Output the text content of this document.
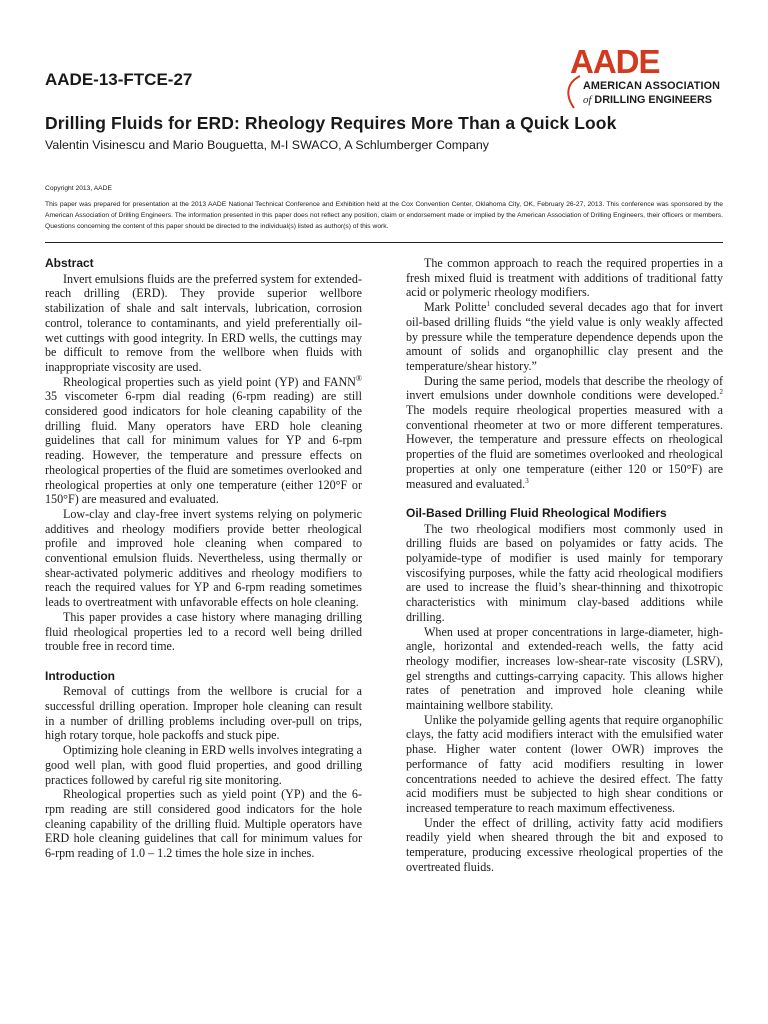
AADE-13-FTCE-27
Drilling Fluids for ERD: Rheology Requires More Than a Quick Look
Valentin Visinescu and Mario Bouguetta, M-I SWACO, A Schlumberger Company
Copyright 2013, AADE
This paper was prepared for presentation at the 2013 AADE National Technical Conference and Exhibition held at the Cox Convention Center, Oklahoma City, OK, February 26-27, 2013. This conference was sponsored by the American Association of Drilling Engineers. The information presented in this paper does not reflect any position, claim or endorsement made or implied by the American Association of Drilling Engineers, their officers or members. Questions concerning the content of this paper should be directed to the individual(s) listed as author(s) of this work.
AADE
AMERICAN ASSOCIATION
of DRILLING ENGINEERS
Abstract

Invert emulsions fluids are the preferred system for extended-reach drilling (ERD). They provide superior wellbore stabilization of shale and salt intervals, lubrication, corrosion control, tolerance to contaminants, and yield preferentially oil-wet cuttings with good integrity. In ERD wells, the cuttings may be difficult to remove from the wellbore when fluids with inappropriate viscosity are used.

Rheological properties such as yield point (YP) and FANN® 35 viscometer 6-rpm dial reading (6-rpm reading) are still considered good indicators for hole cleaning capability of the drilling fluid. Many operators have ERD hole cleaning guidelines that call for minimum values for YP and 6-rpm reading. However, the temperature and pressure effects on rheological properties of the fluid are sometimes overlooked and rheological properties at only one temperature (either 120°F or 150°F) are measured and evaluated.

Low-clay and clay-free invert systems relying on polymeric additives and rheology modifiers provide better rheological profile and improved hole cleaning when compared to conventional emulsion fluids. Nevertheless, using thermally or shear-activated polymeric additives and rheology modifiers to reach the required values for YP and 6-rpm reading sometimes leads to overtreatment with unfavorable effects on hole cleaning.

This paper provides a case history where managing drilling fluid rheological properties led to a record well being drilled trouble free in record time.

Introduction

Removal of cuttings from the wellbore is crucial for a successful drilling operation. Improper hole cleaning can result in a number of drilling problems including over-pull on trips, high rotary torque, hole packoffs and stuck pipe.

Optimizing hole cleaning in ERD wells involves integrating a good well plan, with good fluid properties, and good drilling practices followed by careful rig site monitoring.

Rheological properties such as yield point (YP) and the 6-rpm reading are still considered good indicators for the hole cleaning capability of the drilling fluid. Multiple operators have ERD hole cleaning guidelines that call for minimum values for 6-rpm reading of 1.0 – 1.2 times the hole size in inches.

The common approach to reach the required properties in a fresh mixed fluid is treatment with additions of traditional fatty acid or polymeric rheology modifiers.

Mark Politte$^1$ concluded several decades ago that for invert oil-based drilling fluids “the yield value is only weakly affected by pressure while the temperature dependence depends upon the amount of solids and organophillic clay present and the temperature/shear history.”

During the same period, models that describe the rheology of invert emulsions under downhole conditions were developed.$^2$ The models require rheological properties measured with a conventional rheometer at two or more different temperatures. However, the temperature and pressure effects on rheological properties of the fluid are sometimes overlooked and rheological properties at only one temperature (either 120 or 150°F) are measured and evaluated.$^3$

Oil-Based Drilling Fluid Rheological Modifiers

The two rheological modifiers most commonly used in drilling fluids are based on polyamides or fatty acids. The polyamide-type of modifier is used mainly for temporary viscosifying purposes, while the fatty acid rheological modifiers are used to increase the fluid’s shear-thinning and thixotropic characteristics with minimum clay-based additions while drilling.

When used at proper concentrations in large-diameter, high-angle, horizontal and extended-reach wells, the fatty acid rheology modifier, increases low-shear-rate viscosity (LSRV), gel strengths and cuttings-carrying capacity. This allows higher rates of penetration and improved hole cleaning while maintaining wellbore stability.

Unlike the polyamide gelling agents that require organophilic clays, the fatty acid modifiers interact with the emulsified water phase. Higher water content (lower OWR) improves the performance of fatty acid modifiers resulting in lower concentrations needed to achieve the desired effect. The fatty acid modifiers must be subjected to high shear conditions or increased temperature to reach maximum effectiveness.

Under the effect of drilling, activity fatty acid modifiers readily yield when sheared through the bit and exposed to temperature, producing excessive rheological properties of the overtreated fluids.
